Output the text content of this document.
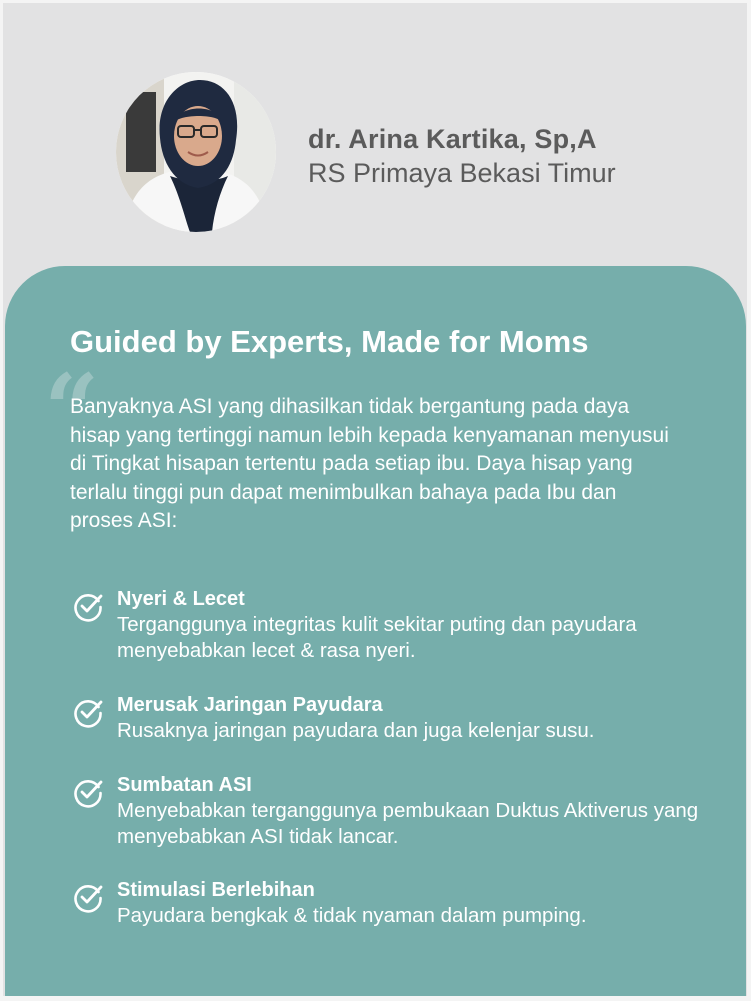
dr. Arina Kartika, Sp,A
RS Primaya Bekasi Timur
Guided by Experts, Made for Moms
“
Banyaknya ASI yang dihasilkan tidak bergantung pada daya hisap yang tertinggi namun lebih kepada kenyamanan menyusui di Tingkat hisapan tertentu pada setiap ibu. Daya hisap yang terlalu tinggi pun dapat menimbulkan bahaya pada Ibu dan proses ASI:
Nyeri & Lecet
Terganggunya integritas kulit sekitar puting dan payudara menyebabkan lecet & rasa nyeri.
Merusak Jaringan Payudara
Rusaknya jaringan payudara dan juga kelenjar susu.
Sumbatan ASI
Menyebabkan terganggunya pembukaan Duktus Aktiverus yang menyebabkan ASI tidak lancar.
Stimulasi Berlebihan
Payudara bengkak & tidak nyaman dalam pumping.
